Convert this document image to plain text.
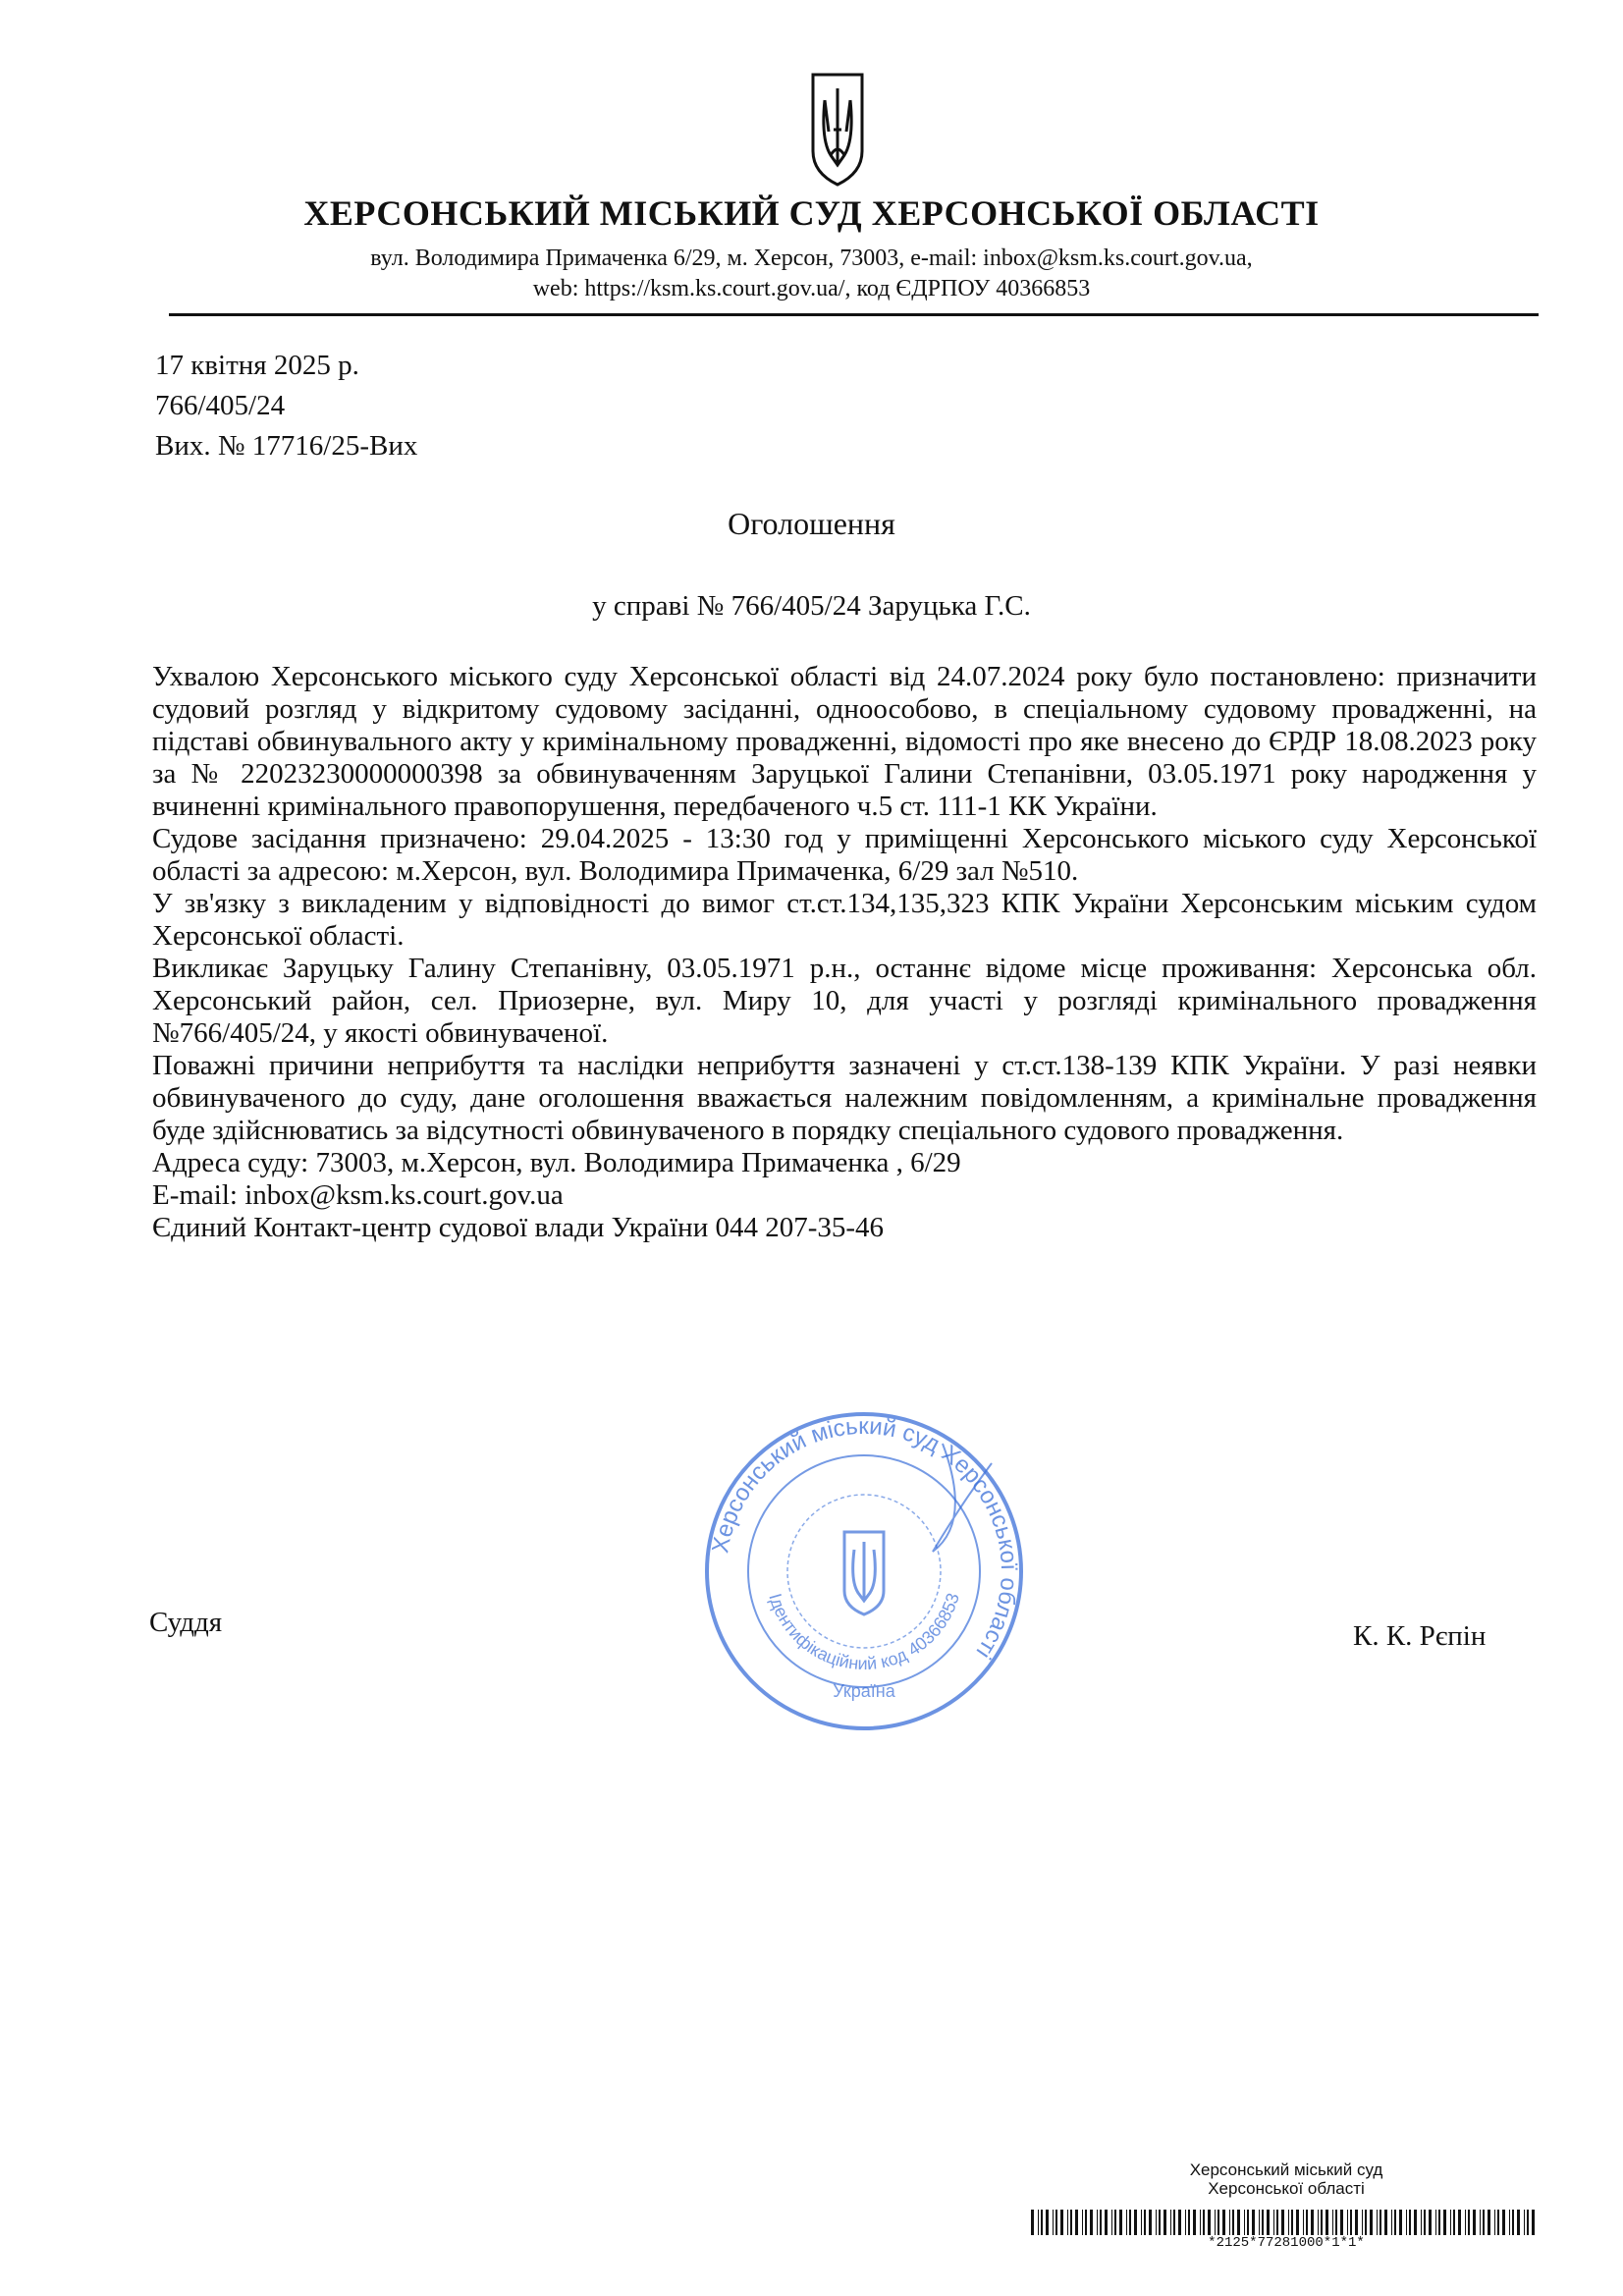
ХЕРСОНСЬКИЙ МІСЬКИЙ СУД ХЕРСОНСЬКОЇ ОБЛАСТІ
вул. Володимира Примаченка 6/29, м. Херсон, 73003, e-mail: inbox@ksm.ks.court.gov.ua,
web: https://ksm.ks.court.gov.ua/, код ЄДРПОУ 40366853
17 квітня 2025 р.
766/405/24
Вих. № 17716/25-Вих
Оголошення
у справі № 766/405/24 Заруцька Г.С.

Ухвалою Херсонського міського суду Херсонської області від 24.07.2024 року було постановлено: призначити судовий розгляд у відкритому судовому засіданні, одноособово, в спеціальному судовому провадженні, на підставі обвинувального акту у кримінальному провадженні, відомості про яке внесено до ЄРДР 18.08.2023 року за № 22023230000000398 за обвинуваченням Заруцької Галини Степанівни, 03.05.1971 року народження у вчиненні кримінального правопорушення, передбаченого ч.5 ст. 111-1 КК України.

Судове засідання призначено: 29.04.2025 - 13:30 год у приміщенні Херсонського міського суду Херсонської області за адресою: м.Херсон, вул. Володимира Примаченка, 6/29 зал №510.

У зв'язку з викладеним у відповідності до вимог ст.ст.134,135,323 КПК України Херсонським міським судом Херсонської області.

Викликає Заруцьку Галину Степанівну, 03.05.1971 р.н., останнє відоме місце проживання: Херсонська обл. Херсонський район, сел. Приозерне, вул. Миру 10, для участі у розгляді кримінального провадження №766/405/24, у якості обвинуваченої.

Поважні причини неприбуття та наслідки неприбуття зазначені у ст.ст.138-139 КПК України. У разі неявки обвинуваченого до суду, дане оголошення вважається належним повідомленням, а кримінальне провадження буде здійснюватись за відсутності обвинуваченого в порядку спеціального судового провадження.

Адреса суду: 73003, м.Херсон, вул. Володимира Примаченка , 6/29

E-mail: inbox@ksm.ks.court.gov.ua

Єдиний Контакт-центр судової влади України 044 207-35-46

Херсонський міський суд Херсонської області
Ідентифікаційний код 40366853
Україна
Суддя	К. К. Рєпін
Херсонський міський суд
Херсонської області
*2125*77281000*1*1*
